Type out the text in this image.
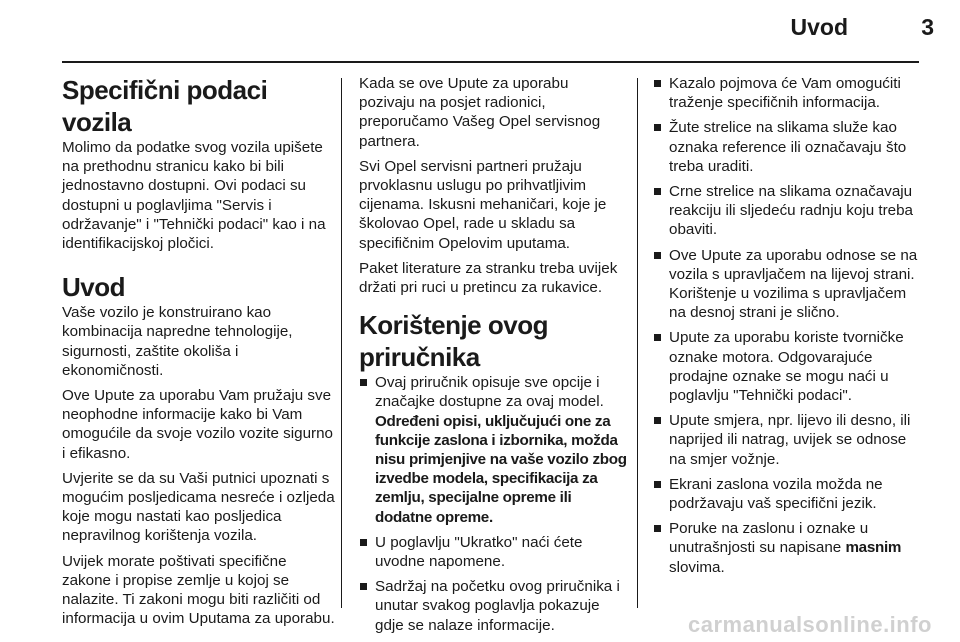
Uvod	3
Specifični podaci vozila

Molimo da podatke svog vozila upišete na prethodnu stranicu kako bi bili jednostavno dostupni. Ovi podaci su dostupni u poglavljima "Servis i održavanje" i "Tehnički podaci" kao i na identifikacijskoj pločici.

Uvod

Vaše vozilo je konstruirano kao kombinacija napredne tehnologije, sigurnosti, zaštite okoliša i ekonomičnosti.

Ove Upute za uporabu Vam pružaju sve neophodne informacije kako bi Vam omogućile da svoje vozilo vozite sigurno i efikasno.

Uvjerite se da su Vaši putnici upoznati s mogućim posljedicama nesreće i ozljeda koje mogu nastati kao posljedica nepravilnog korištenja vozila.

Uvijek morate poštivati specifične zakone i propise zemlje u kojoj se nalazite. Ti zakoni mogu biti različiti od informacija u ovim Uputama za uporabu.

Kada se ove Upute za uporabu pozivaju na posjet radionici, preporučamo Vašeg Opel servisnog partnera.

Svi Opel servisni partneri pružaju prvoklasnu uslugu po prihvatljivim cijenama. Iskusni mehaničari, koje je školovao Opel, rade u skladu sa specifičnim Opelovim uputama.

Paket literature za stranku treba uvijek držati pri ruci u pretincu za rukavice.

Korištenje ovog priručnika
Ovaj priručnik opisuje sve opcije i značajke dostupne za ovaj model.
Određeni opisi, uključujući one za funkcije zaslona i izbornika, možda nisu primjenjive na vaše vozilo zbog izvedbe modela, specifikacija za zemlju, specijalne opreme ili dodatne opreme.
U poglavlju "Ukratko" naći ćete uvodne napomene.
Sadržaj na početku ovog priručnika i unutar svakog poglavlja pokazuje gdje se nalaze informacije.
Kazalo pojmova će Vam omogućiti traženje specifičnih informacija.
Žute strelice na slikama služe kao oznaka reference ili označavaju što treba uraditi.
Crne strelice na slikama označavaju reakciju ili sljedeću radnju koju treba obaviti.
Ove Upute za uporabu odnose se na vozila s upravljačem na lijevoj strani. Korištenje u vozilima s upravljačem na desnoj strani je slično.
Upute za uporabu koriste tvorničke oznake motora. Odgovarajuće prodajne oznake se mogu naći u poglavlju "Tehnički podaci".
Upute smjera, npr. lijevo ili desno, ili naprijed ili natrag, uvijek se odnose na smjer vožnje.
Ekrani zaslona vozila možda ne podržavaju vaš specifični jezik.
Poruke na zaslonu i oznake u unutrašnjosti su napisane masnim slovima.
carmanualsonline.info
